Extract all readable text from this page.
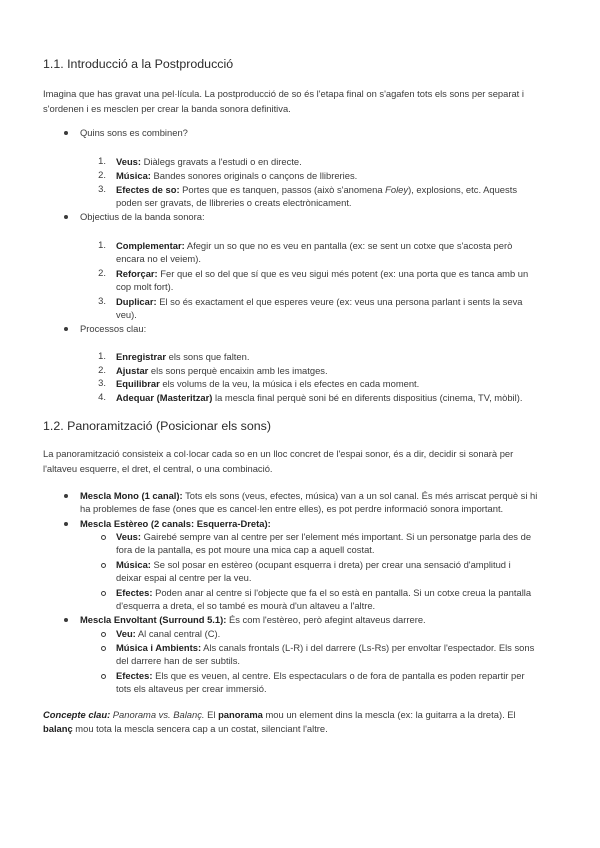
1.1. Introducció a la Postproducció
Imagina que has gravat una pel·lícula. La postproducció de so és l'etapa final on s'agafen tots els sons per separat i
s'ordenen i es mesclen per crear la banda sonora definitiva.
Quins sons es combinen?
1. Veus: Diàlegs gravats a l'estudi o en directe.
2. Música: Bandes sonores originals o cançons de llibreries.
3. Efectes de so: Portes que es tanquen, passos (això s'anomena Foley), explosions, etc. Aquests
poden ser gravats, de llibreries o creats electrònicament.
Objectius de la banda sonora:
1. Complementar: Afegir un so que no es veu en pantalla (ex: se sent un cotxe que s'acosta però
encara no el veiem).
2. Reforçar: Fer que el so del que sí que es veu sigui més potent (ex: una porta que es tanca amb un
cop molt fort).
3. Duplicar: El so és exactament el que esperes veure (ex: veus una persona parlant i sents la seva
veu).
Processos clau:
1. Enregistrar els sons que falten.
2. Ajustar els sons perquè encaixin amb les imatges.
3. Equilibrar els volums de la veu, la música i els efectes en cada moment.
4. Adequar (Masteritzar) la mescla final perquè soni bé en diferents dispositius (cinema, TV, mòbil).
1.2. Panoramització (Posicionar els sons)
La panoramització consisteix a col·locar cada so en un lloc concret de l'espai sonor, és a dir, decidir si sonarà per
l'altaveu esquerre, el dret, el central, o una combinació.
Mescla Mono (1 canal): Tots els sons (veus, efectes, música) van a un sol canal. És més arriscat perquè si hi
ha problemes de fase (ones que es cancel·len entre elles), es pot perdre informació sonora important.
Mescla Estèreo (2 canals: Esquerra-Dreta):
Veus: Gairebé sempre van al centre per ser l'element més important. Si un personatge parla des de
fora de la pantalla, es pot moure una mica cap a aquell costat.
Música: Se sol posar en estèreo (ocupant esquerra i dreta) per crear una sensació d'amplitud i
deixar espai al centre per la veu.
Efectes: Poden anar al centre si l'objecte que fa el so està en pantalla. Si un cotxe creua la pantalla
d'esquerra a dreta, el so també es mourà d'un altaveu a l'altre.
Mescla Envoltant (Surround 5.1): És com l'estèreo, però afegint altaveus darrere.
Veu: Al canal central (C).
Música i Ambients: Als canals frontals (L-R) i del darrere (Ls-Rs) per envoltar l'espectador. Els sons
del darrere han de ser subtils.
Efectes: Els que es veuen, al centre. Els espectaculars o de fora de pantalla es poden repartir per
tots els altaveus per crear immersió.
Concepte clau: Panorama vs. Balanç. El panorama mou un element dins la mescla (ex: la guitarra a la dreta). El
balanç mou tota la mescla sencera cap a un costat, silenciant l'altre.
